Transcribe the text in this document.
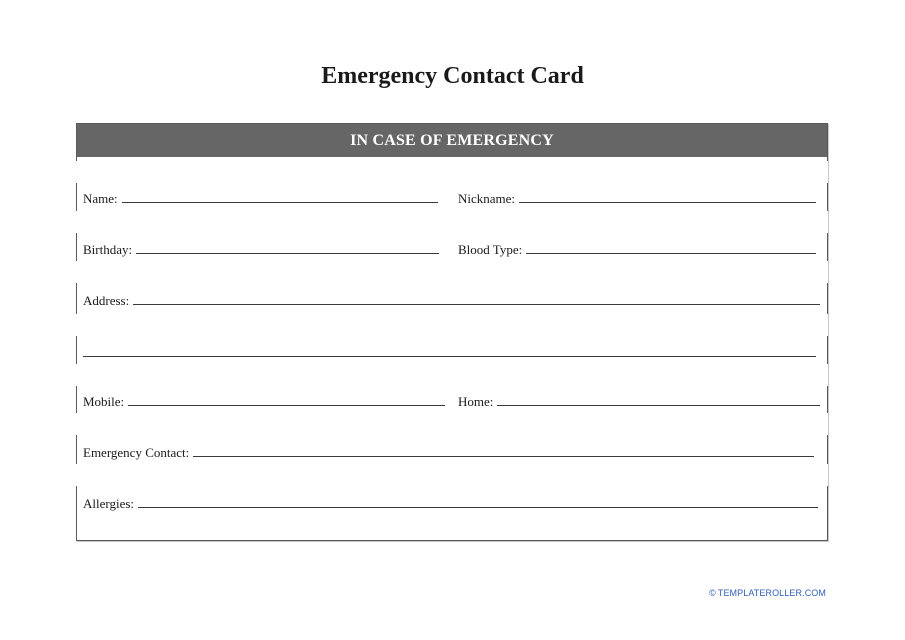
Emergency Contact Card
IN CASE OF EMERGENCY
Name:	Nickname:
Birthday:	Blood Type:
Address:
Mobile:	Home:
Emergency Contact:
Allergies:
© TEMPLATEROLLER.COM
